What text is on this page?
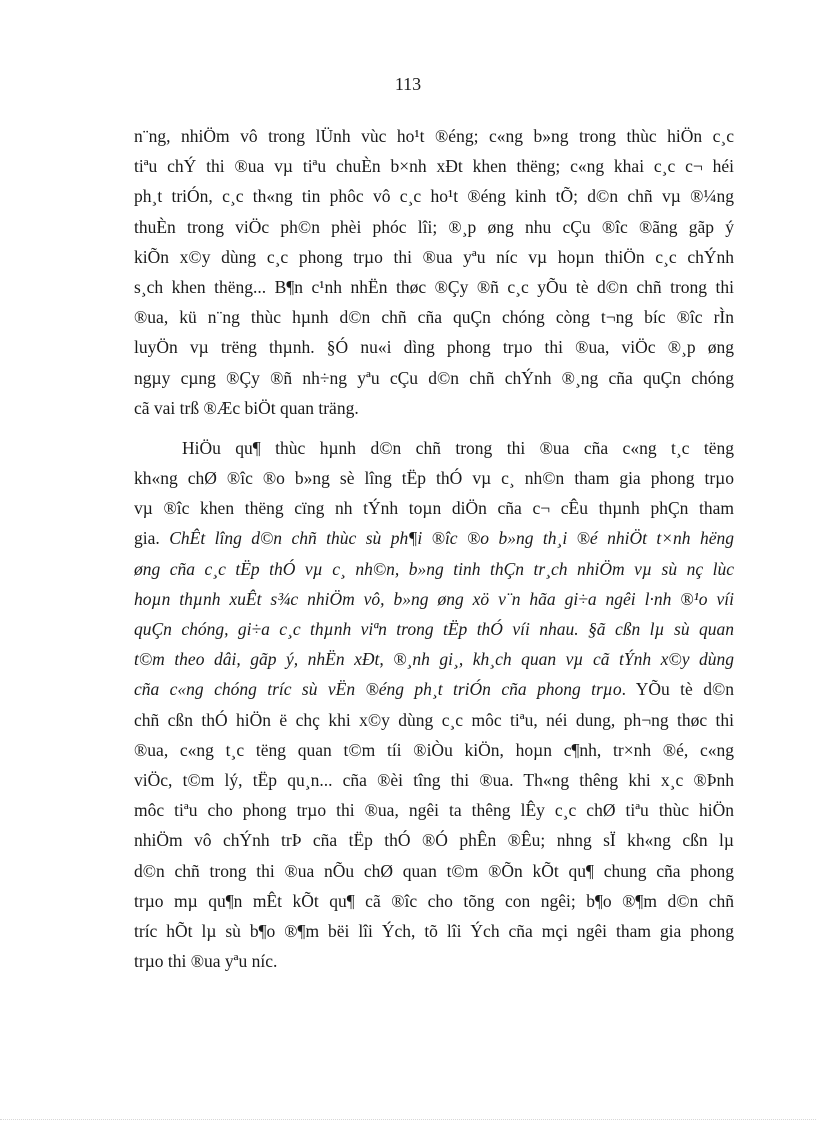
113
n¨ng, nhiÖm vô trong lÜnh vùc ho¹t ®éng; c«ng b»ng trong thùc hiÖn c¸c
tiªu chÝ thi ®ua vµ tiªu chuÈn b×nh xÐt khen thëng; c«ng khai c¸c c¬ héi
ph¸t triÓn, c¸c th«ng tin phôc vô c¸c ho¹t ®éng kinh tÕ; d©n chñ vµ ®¼ng
thuÈn trong viÖc ph©n phèi phóc lîi; ®¸p øng nhu cÇu ®îc ®ãng gãp ý
kiÕn x©y dùng c¸c phong trµo thi ®ua yªu níc vµ hoµn thiÖn c¸c chÝnh
s¸ch khen thëng... B¶n c¹nh nhËn thøc ®Çy ®ñ c¸c yÕu tè d©n chñ trong thi
®ua, kü n¨ng thùc hµnh d©n chñ cña quÇn chóng còng t¬ng bíc ®îc rÌn
luyÖn vµ trëng thµnh. §Ó nu«i dìng phong trµo thi ®ua, viÖc ®¸p øng
ngµy cµng ®Çy ®ñ nh÷ng yªu cÇu d©n chñ chÝnh ®¸ng cña quÇn chóng
cã vai trß ®Æc biÖt quan träng.
HiÖu qu¶ thùc hµnh d©n chñ trong thi ®ua cña c«ng t¸c tëng
kh«ng chØ ®îc ®o b»ng sè lîng tËp thÓ vµ c¸ nh©n tham gia phong trµo
vµ ®îc khen thëng cïng nh tÝnh toµn diÖn cña c¬ cÊu thµnh phÇn tham
gia. ChÊt lîng d©n chñ thùc sù ph¶i ®îc ®o b»ng th¸i ®é nhiÖt t×nh hëng
øng cña c¸c tËp thÓ vµ c¸ nh©n, b»ng tinh thÇn tr¸ch nhiÖm vµ sù nç lùc
hoµn thµnh xuÊt s¾c nhiÖm vô, b»ng øng xö v¨n hãa gi÷a ngêi l·nh ®¹o víi
quÇn chóng, gi÷a c¸c thµnh viªn trong tËp thÓ víi nhau. §ã cßn lµ sù quan
t©m theo dâi, gãp ý, nhËn xÐt, ®¸nh gi¸, kh¸ch quan vµ cã tÝnh x©y dùng
cña c«ng chóng tríc sù vËn ®éng ph¸t triÓn cña phong trµo. YÕu tè d©n
chñ cßn thÓ hiÖn ë chç khi x©y dùng c¸c môc tiªu, néi dung, ph¬ng thøc thi
®ua, c«ng t¸c tëng quan t©m tíi ®iÒu kiÖn, hoµn c¶nh, tr×nh ®é, c«ng
viÖc, t©m lý, tËp qu¸n... cña ®èi tîng thi ®ua. Th«ng thêng khi x¸c ®Þnh
môc tiªu cho phong trµo thi ®ua, ngêi ta thêng lÊy c¸c chØ tiªu thùc hiÖn
nhiÖm vô chÝnh trÞ cña tËp thÓ ®Ó phÊn ®Êu; nhng sÏ kh«ng cßn lµ
d©n chñ trong thi ®ua nÕu chØ quan t©m ®Õn kÕt qu¶ chung cña phong
trµo mµ qu¶n mÊt kÕt qu¶ cã ®îc cho tõng con ngêi; b¶o ®¶m d©n chñ
tríc hÕt lµ sù b¶o ®¶m bëi lîi Ých, tõ lîi Ých cña mçi ngêi tham gia phong
trµo thi ®ua yªu níc.
